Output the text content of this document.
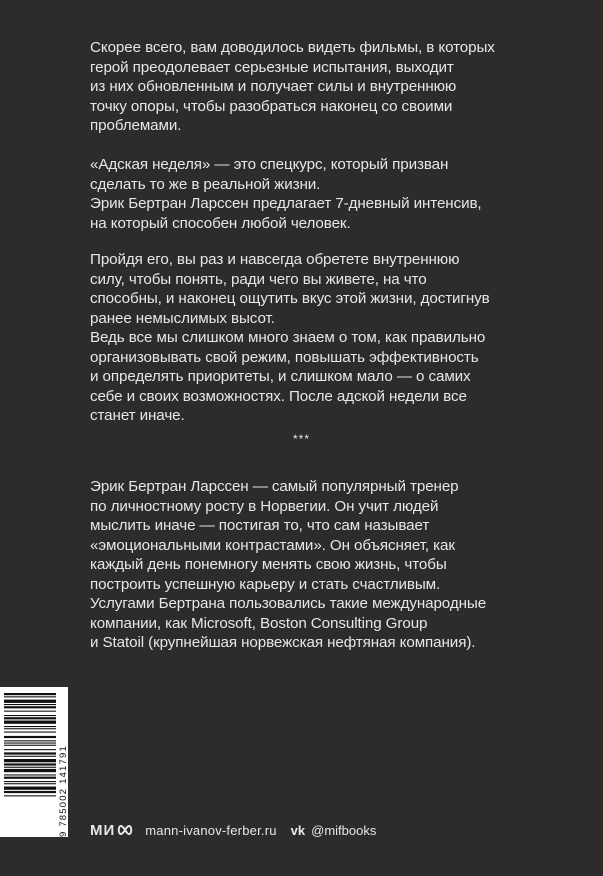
Скорее всего, вам доводилось видеть фильмы, в которых
герой преодолевает серьезные испытания, выходит
из них обновленным и получает силы и внутреннюю
точку опоры, чтобы разобраться наконец со своими
проблемами.
«Адская неделя» — это спецкурс, который призван
сделать то же в реальной жизни.
Эрик Бертран Ларссен предлагает 7-дневный интенсив,
на который способен любой человек.
Пройдя его, вы раз и навсегда обретете внутреннюю
силу, чтобы понять, ради чего вы живете, на что
способны, и наконец ощутить вкус этой жизни, достигнув
ранее немыслимых высот.
Ведь все мы слишком много знаем о том, как правильно
организовывать свой режим, повышать эффективность
и определять приоритеты, и слишком мало — о самих
себе и своих возможностях. После адской недели все
станет иначе.
***
Эрик Бертран Ларссен — самый популярный тренер
по личностному росту в Норвегии. Он учит людей
мыслить иначе — постигая то, что сам называет
«эмоциональными контрастами». Он объясняет, как
каждый день понемногу менять свою жизнь, чтобы
построить успешную карьеру и стать счастливым.
Услугами Бертрана пользовались такие международные
компании, как Microsoft, Boston Consulting Group
и Statoil (крупнейшая норвежская нефтяная компания).
9 785002 141791 МИ mann-ivanov-ferber.ru vk @mifbooks
